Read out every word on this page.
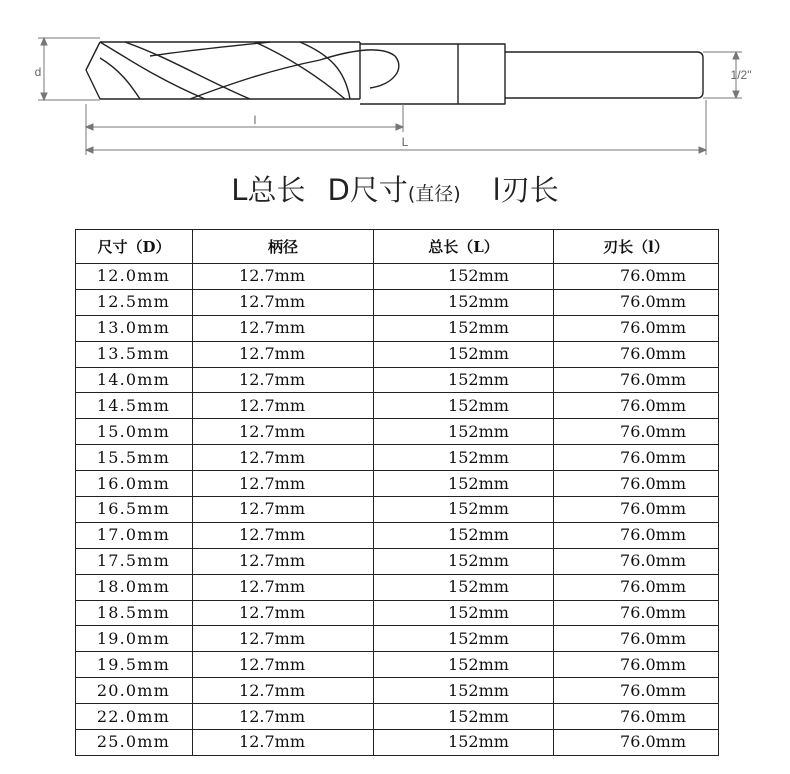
d	1/2"
l
L
L总长 D尺寸(直径) l刃长
尺寸（D）	柄径	总长（L）	刃长（l）
12.0mm	12.7mm	152mm	76.0mm
12.5mm	12.7mm	152mm	76.0mm
13.0mm	12.7mm	152mm	76.0mm
13.5mm	12.7mm	152mm	76.0mm
14.0mm	12.7mm	152mm	76.0mm
14.5mm	12.7mm	152mm	76.0mm
15.0mm	12.7mm	152mm	76.0mm
15.5mm	12.7mm	152mm	76.0mm
16.0mm	12.7mm	152mm	76.0mm
16.5mm	12.7mm	152mm	76.0mm
17.0mm	12.7mm	152mm	76.0mm
17.5mm	12.7mm	152mm	76.0mm
18.0mm	12.7mm	152mm	76.0mm
18.5mm	12.7mm	152mm	76.0mm
19.0mm	12.7mm	152mm	76.0mm
19.5mm	12.7mm	152mm	76.0mm
20.0mm	12.7mm	152mm	76.0mm
22.0mm	12.7mm	152mm	76.0mm
25.0mm	12.7mm	152mm	76.0mm
